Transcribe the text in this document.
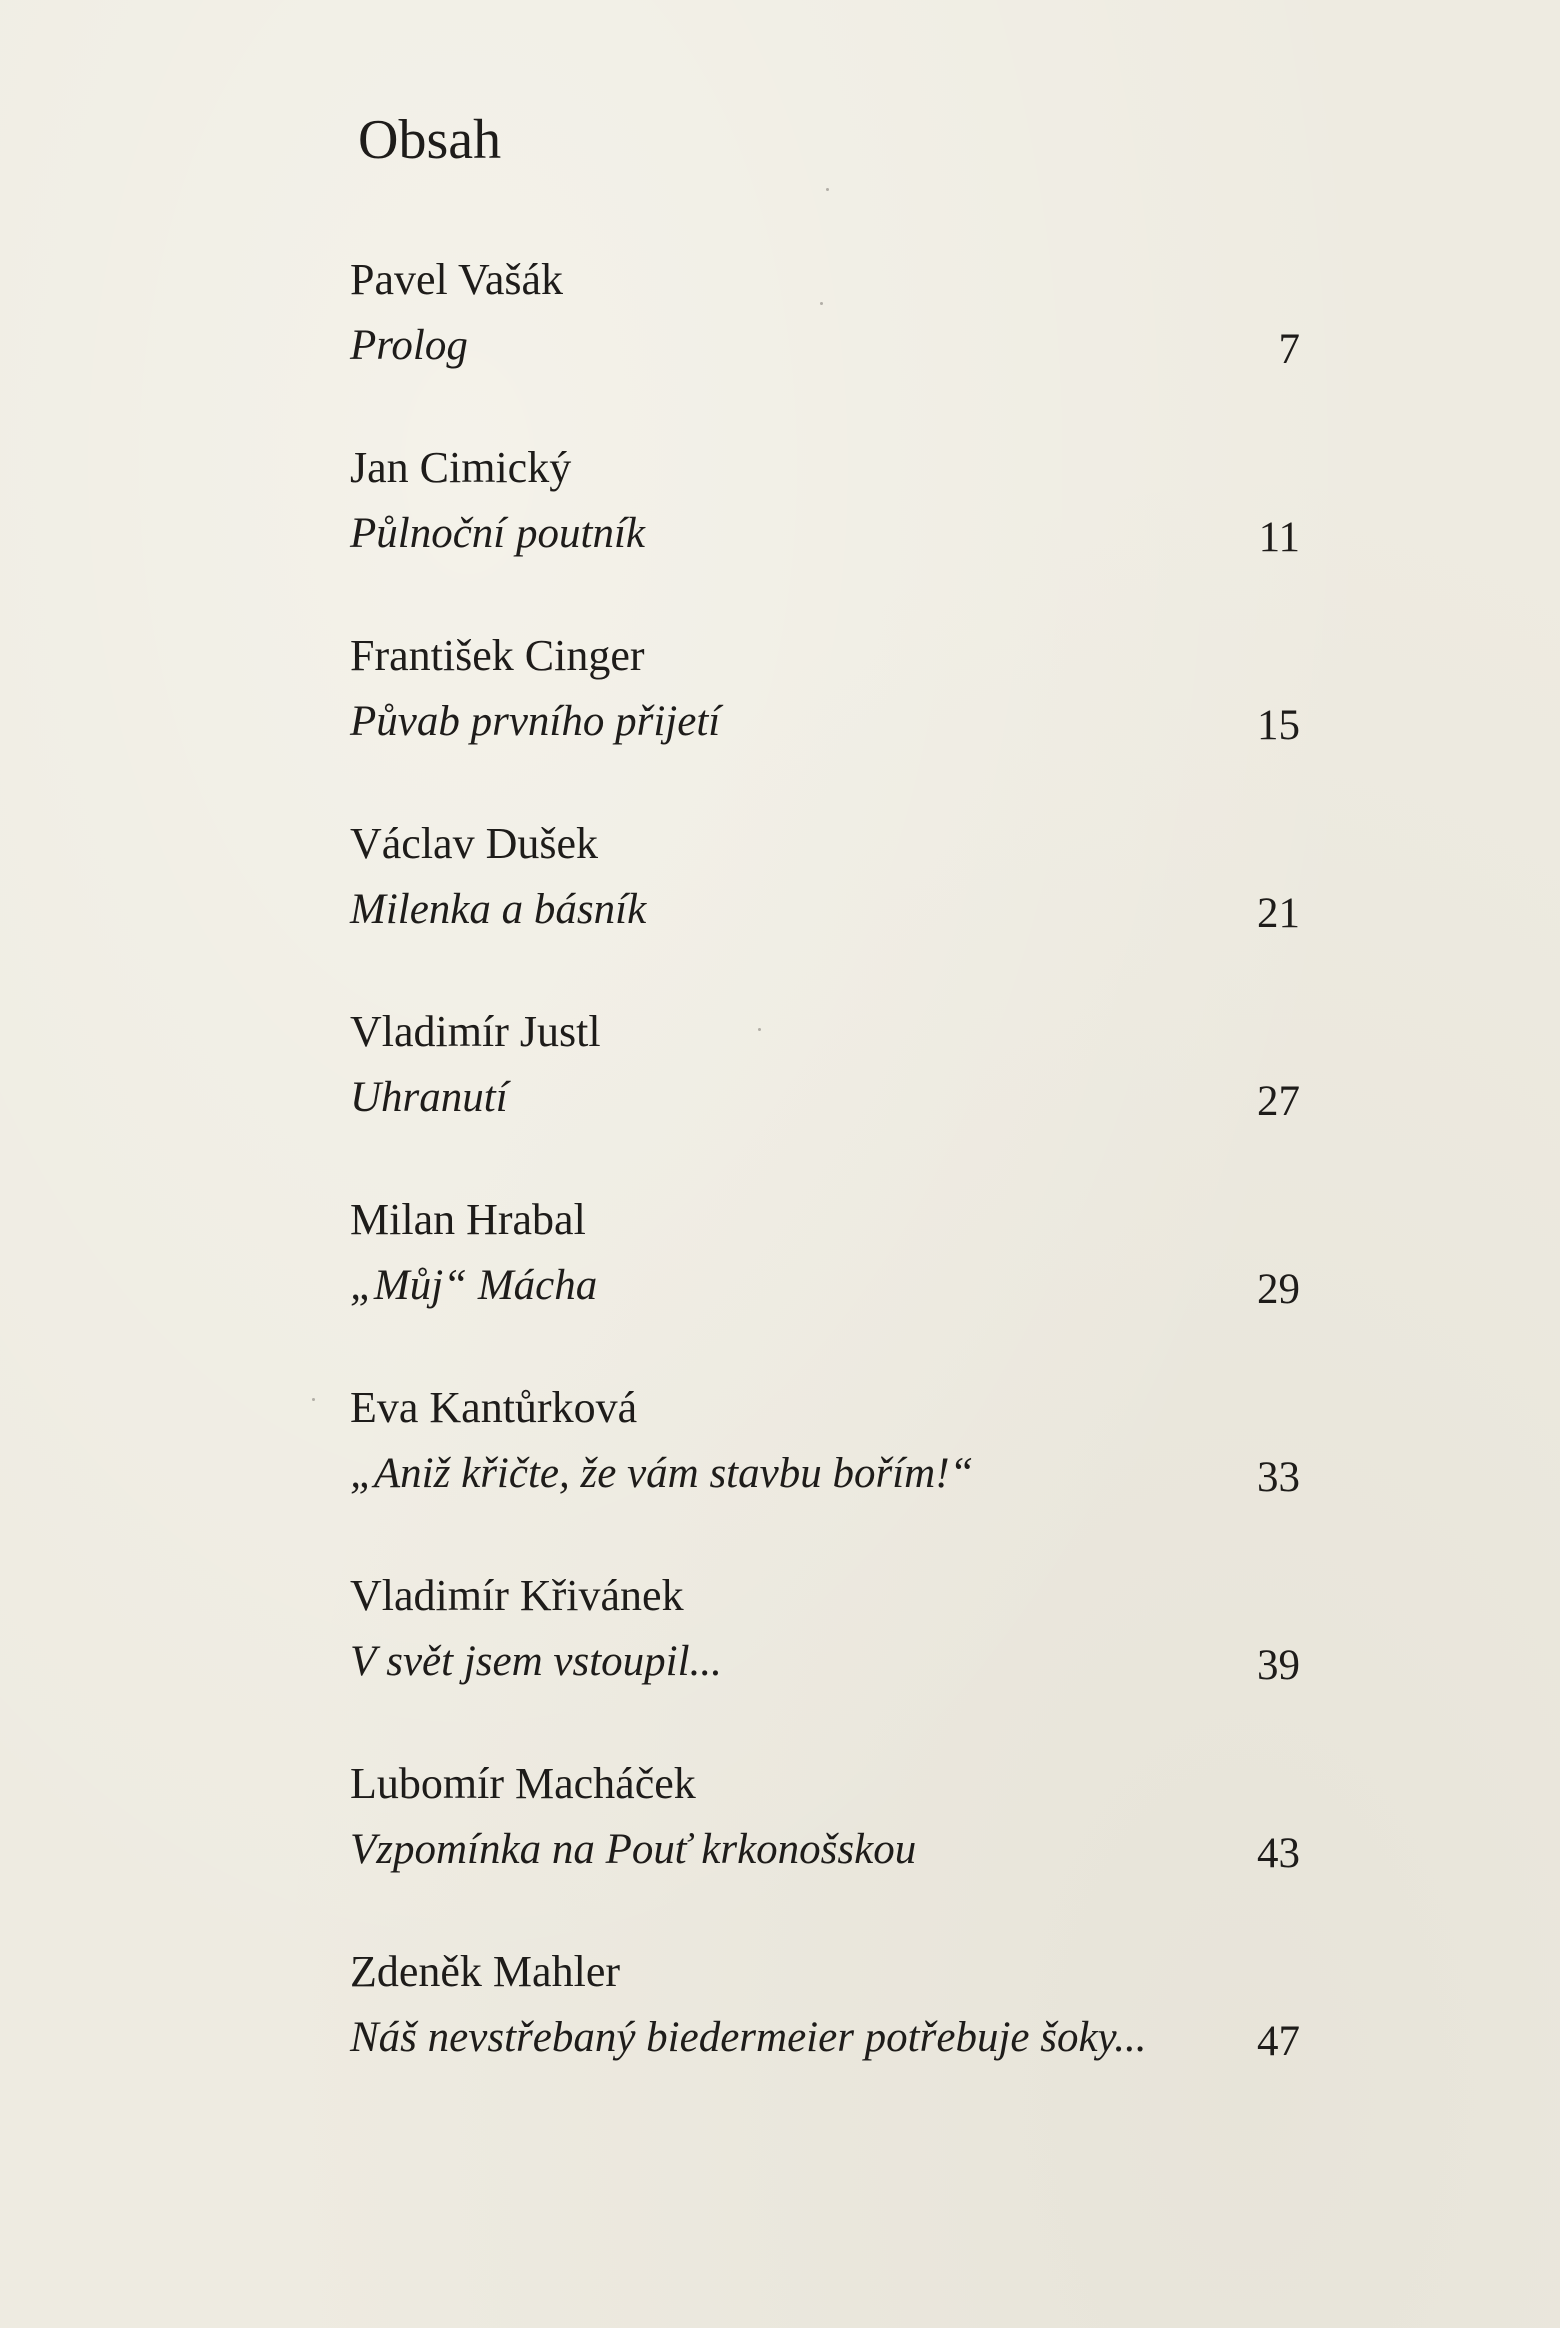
Obsah
Pavel Vašák
Prolog	7
Jan Cimický
Půlnoční poutník	11
František Cinger
Půvab prvního přijetí	15
Václav Dušek
Milenka a básník	21
Vladimír Justl
Uhranutí	27
Milan Hrabal
„Můj“ Mácha	29
Eva Kantůrková
„Aniž křičte, že vám stavbu bořím!“	33
Vladimír Křivánek
V svět jsem vstoupil...	39
Lubomír Macháček
Vzpomínka na Pouť krkonošskou	43
Zdeněk Mahler
Náš nevstřebaný biedermeier potřebuje šoky...	47
